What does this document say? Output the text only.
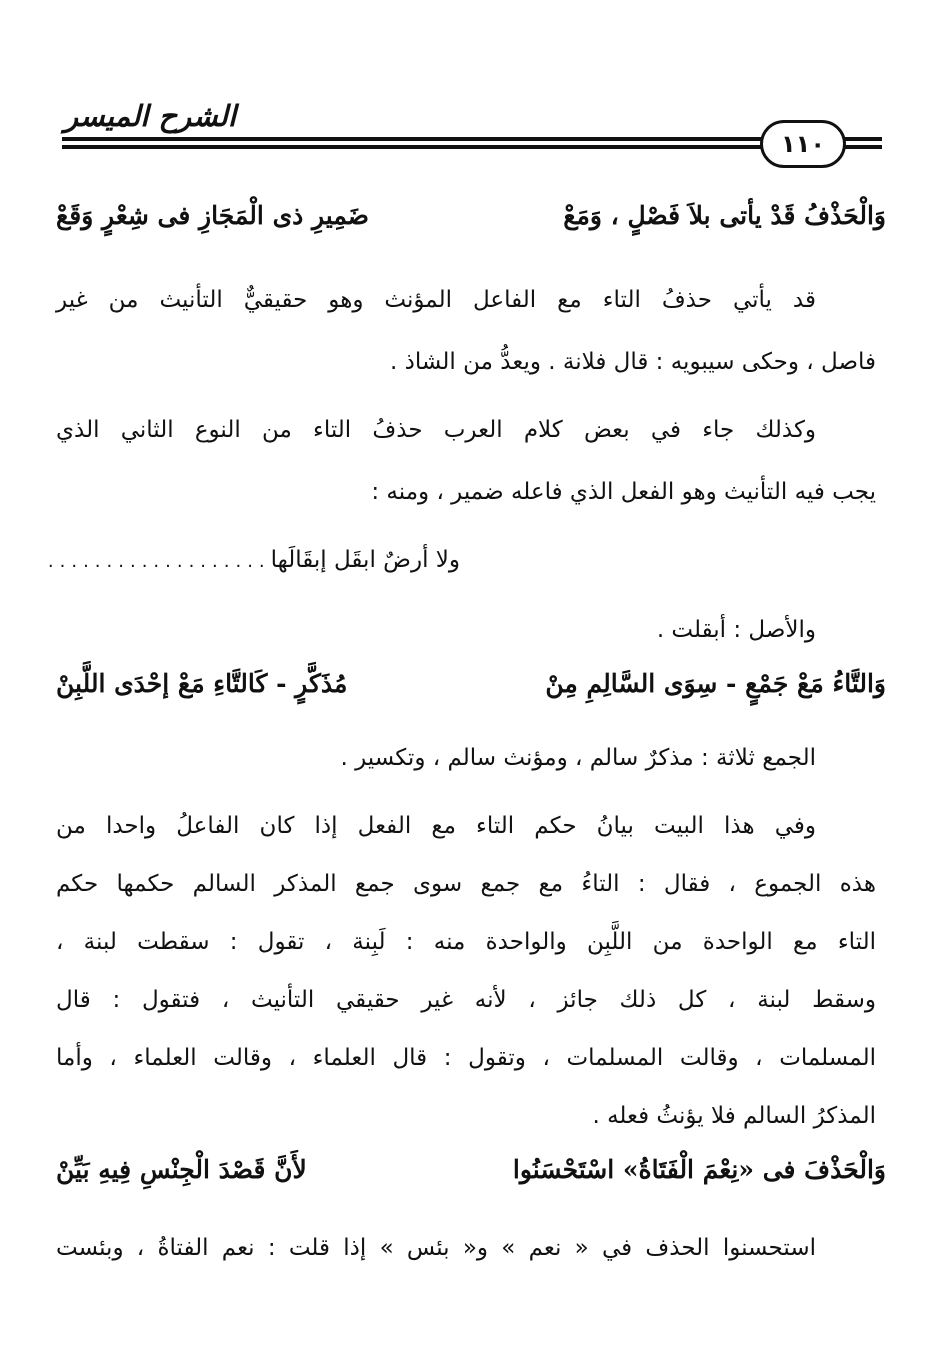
الشرح الميسر
١١٠
وَالْحَذْفُ قَدْ يأتى بلاَ فَصْلٍ ، وَمَعْ
ضَمِيرِ ذى الْمَجَازِ فى شِعْرٍ وَقَعْ
قد يأتي حذفُ التاء مع الفاعل المؤنث وهو حقيقيٌّ التأنيث من غير
فاصل ، وحكى سيبويه : قال فلانة . ويعدُّ من الشاذ .
وكذلك جاء في بعض كلام العرب حذفُ التاء من النوع الثاني الذي
يجب فيه التأنيث وهو الفعل الذي فاعله ضمير ، ومنه :
ولا أرضٌ ابقَل إبقَالَها
...................
والأصل : أبقلت .
وَالتَّاءُ مَعْ جَمْعٍ - سِوَى السَّالِمِ مِنْ
مُذَكَّرٍ - كَالتَّاءِ مَعْ إحْدَى اللَّبِنْ
الجمع ثلاثة : مذكرٌ سالم ، ومؤنث سالم ، وتكسير .
وفي هذا البيت بيانُ حكم التاء مع الفعل إذا كان الفاعلُ واحدا من
هذه الجموع ، فقال : التاءُ مع جمع سوى جمع المذكر السالم حكمها حكم
التاء مع الواحدة من اللَّبِن والواحدة منه : لَبِنة ، تقول : سقطت لبنة ،
وسقط لبنة ، كل ذلك جائز ، لأنه غير حقيقي التأنيث ، فتقول : قال
المسلمات ، وقالت المسلمات ، وتقول : قال العلماء ، وقالت العلماء ، وأما
المذكرُ السالم فلا يؤنثُ فعله .
وَالْحَذْفَ فى «نِعْمَ الْفَتَاةُ» اسْتَحْسَنُوا
لأَنَّ قَصْدَ الْجِنْسِ فِيهِ بَيِّنْ
استحسنوا الحذف في « نعم » و« بئس » إذا قلت : نعم الفتاةُ ، وبئست
